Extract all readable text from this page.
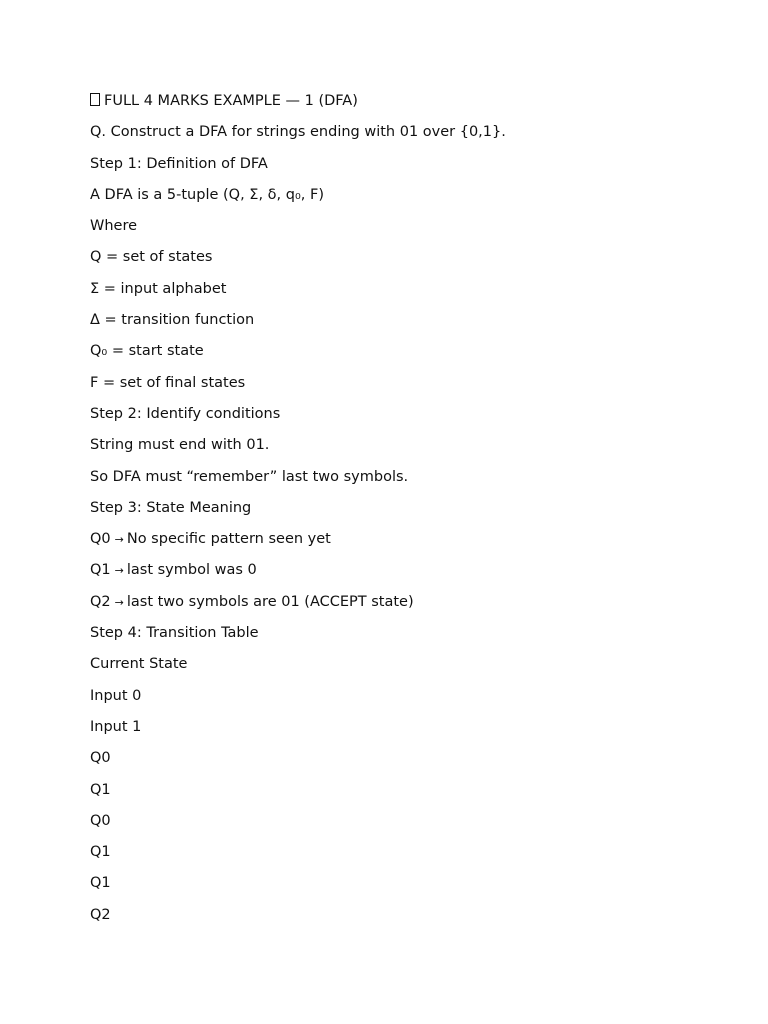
FULL 4 MARKS EXAMPLE — 1 (DFA)

Q. Construct a DFA for strings ending with 01 over {0,1}.

Step 1: Definition of DFA

A DFA is a 5-tuple (Q, Σ, δ, q₀, F)

Where

Q = set of states

Σ = input alphabet

Δ = transition function

Q₀ = start state

F = set of final states

Step 2: Identify conditions

String must end with 01.

So DFA must “remember” last two symbols.

Step 3: State Meaning

Q0 → No specific pattern seen yet

Q1 → last symbol was 0

Q2 → last two symbols are 01 (ACCEPT state)

Step 4: Transition Table

Current State

Input 0

Input 1

Q0

Q1

Q0

Q1

Q1

Q2
